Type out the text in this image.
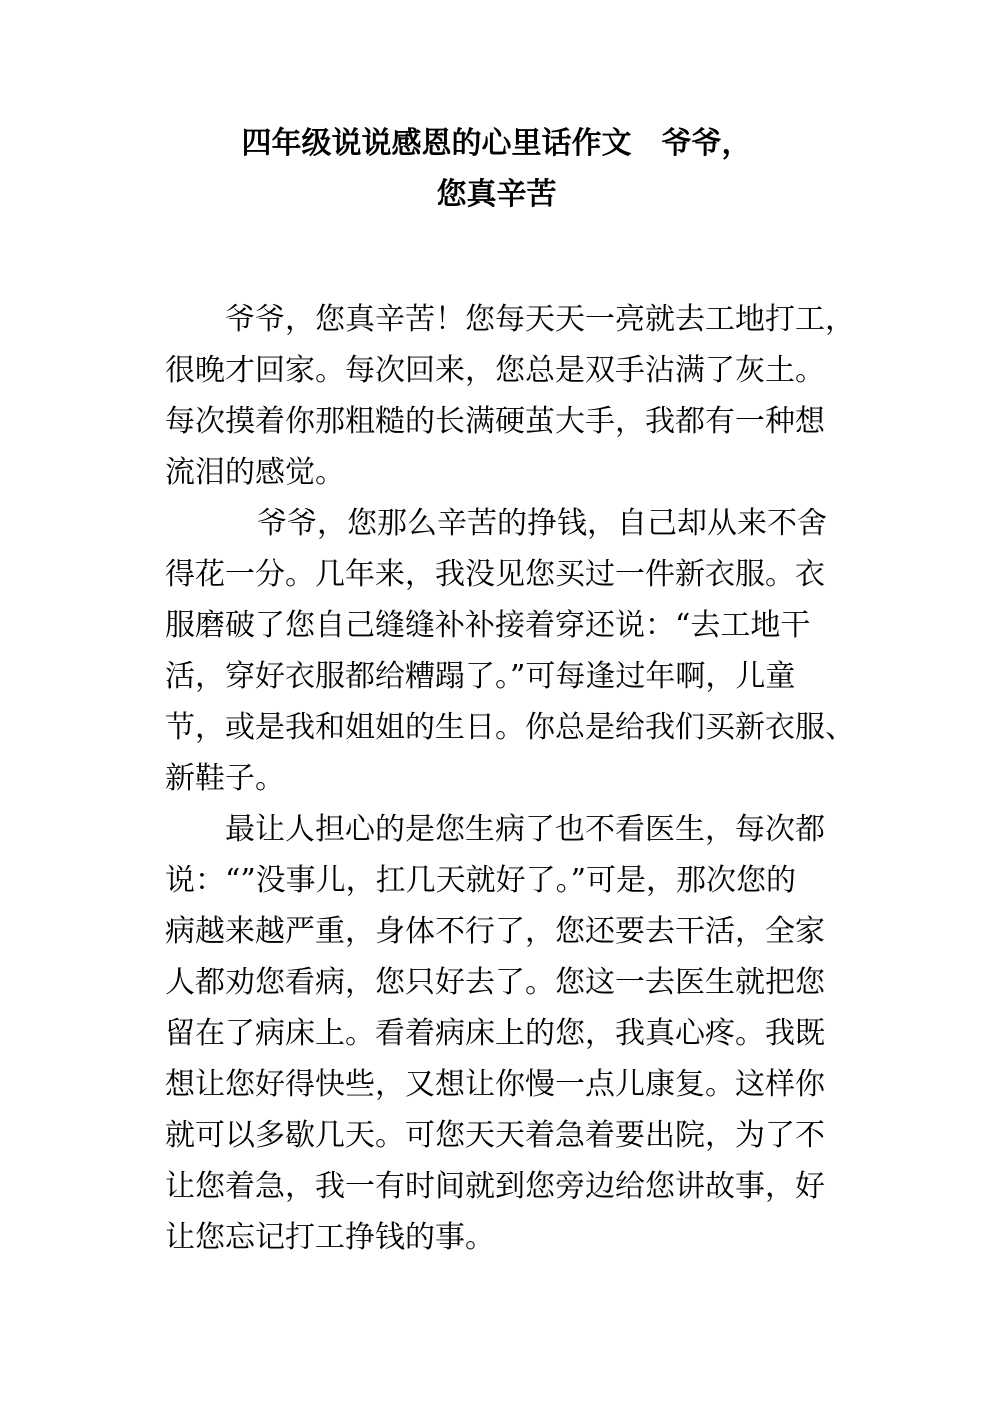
四年级说说感恩的心里话作文　爷爷，
您真辛苦
爷爷，您真辛苦！您每天天一亮就去工地打工，
很晚才回家。每次回来，您总是双手沾满了灰土。
每次摸着你那粗糙的长满硬茧大手，我都有一种想
流泪的感觉。
爷爷，您那么辛苦的挣钱，自己却从来不舍
得花一分。几年来，我没见您买过一件新衣服。衣
服磨破了您自己缝缝补补接着穿还说：“去工地干
活，穿好衣服都给糟蹋了。”可每逢过年啊，儿童
节，或是我和姐姐的生日。你总是给我们买新衣服、
新鞋子。
最让人担心的是您生病了也不看医生，每次都
说：“”没事儿，扛几天就好了。”可是，那次您的
病越来越严重，身体不行了，您还要去干活，全家
人都劝您看病，您只好去了。您这一去医生就把您
留在了病床上。看着病床上的您，我真心疼。我既
想让您好得快些，又想让你慢一点儿康复。这样你
就可以多歇几天。可您天天着急着要出院，为了不
让您着急，我一有时间就到您旁边给您讲故事，好
让您忘记打工挣钱的事。
